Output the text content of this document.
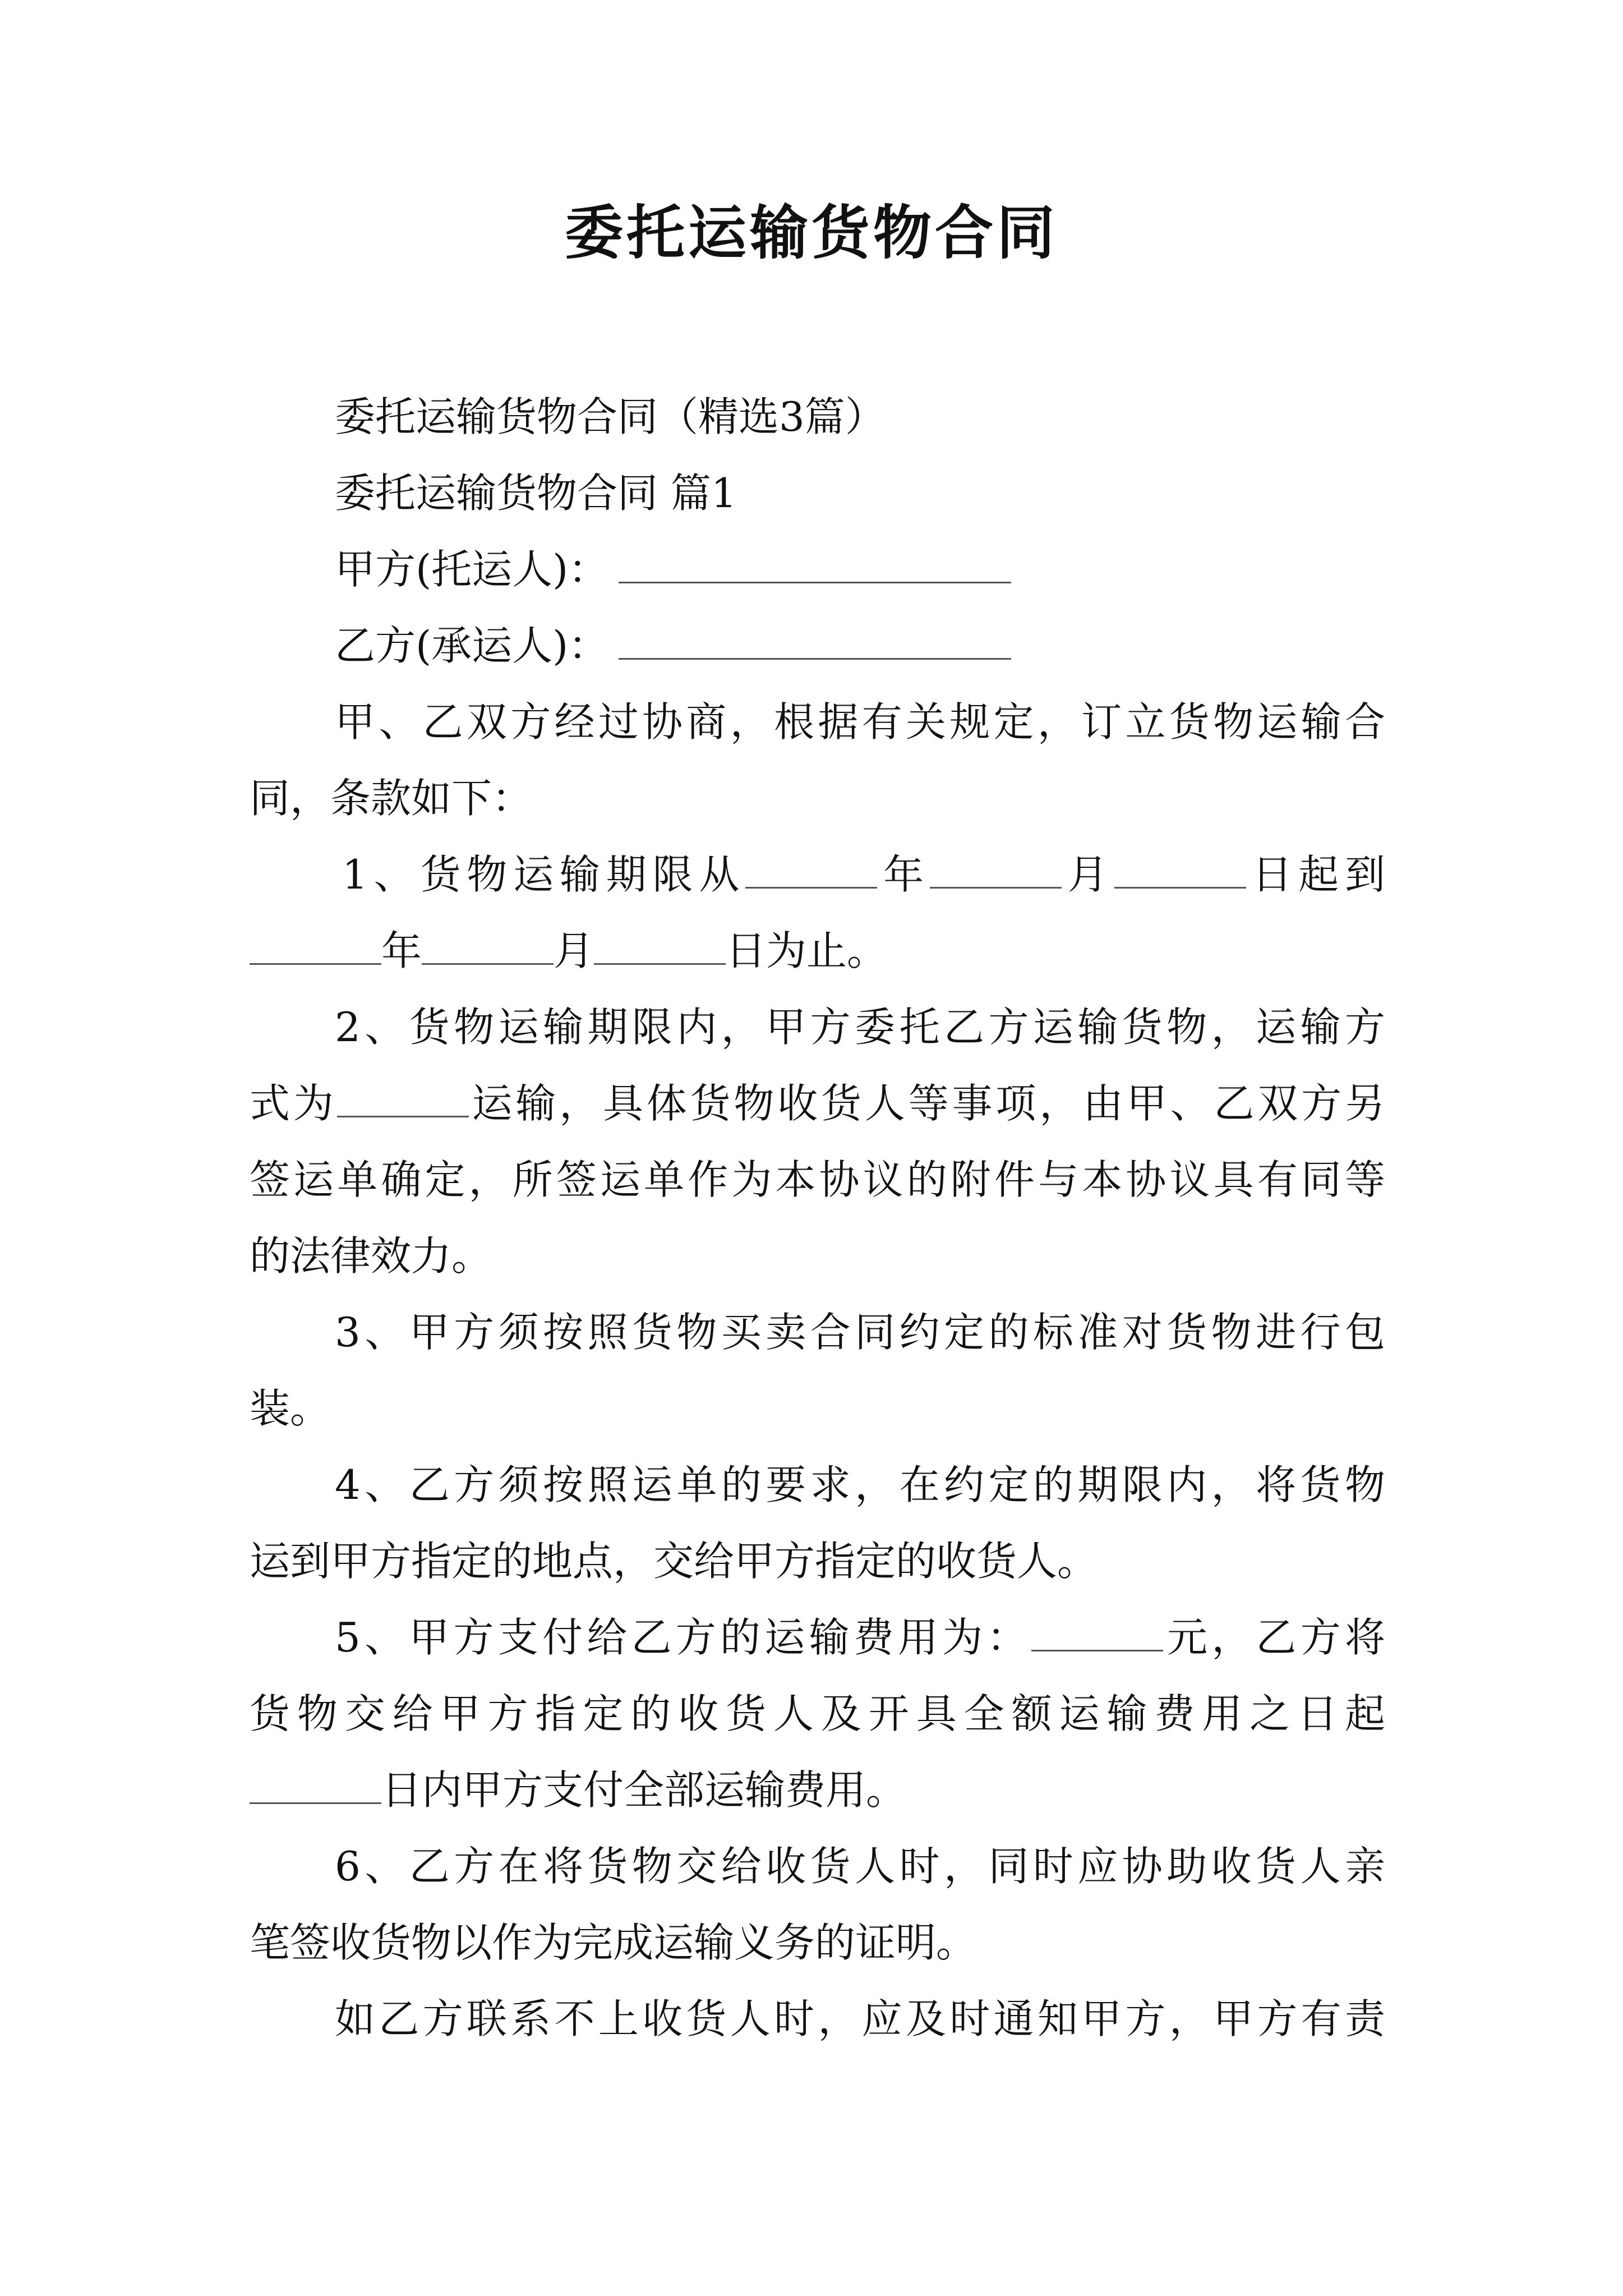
委托运输货物合同
委托运输货物合同（精选3篇）
委托运输货物合同 篇1
甲方(托运人)：
乙方(承运人)：
甲、乙双方经过协商，根据有关规定，订立货物运输合
同，条款如下：
1、货物运输期限从	年	月	日起到
年	月	日为止。
2、货物运输期限内，甲方委托乙方运输货物，运输方
式为	运输，具体货物收货人等事项，由甲、乙双方另
签运单确定，所签运单作为本协议的附件与本协议具有同等
的法律效力。
3、甲方须按照货物买卖合同约定的标准对货物进行包
装。
4、乙方须按照运单的要求，在约定的期限内，将货物
运到甲方指定的地点，交给甲方指定的收货人。
5、甲方支付给乙方的运输费用为：	元，乙方将
货物交给甲方指定的收货人及开具全额运输费用之日起
日内甲方支付全部运输费用。
6、乙方在将货物交给收货人时，同时应协助收货人亲
笔签收货物以作为完成运输义务的证明。
如乙方联系不上收货人时，应及时通知甲方，甲方有责
